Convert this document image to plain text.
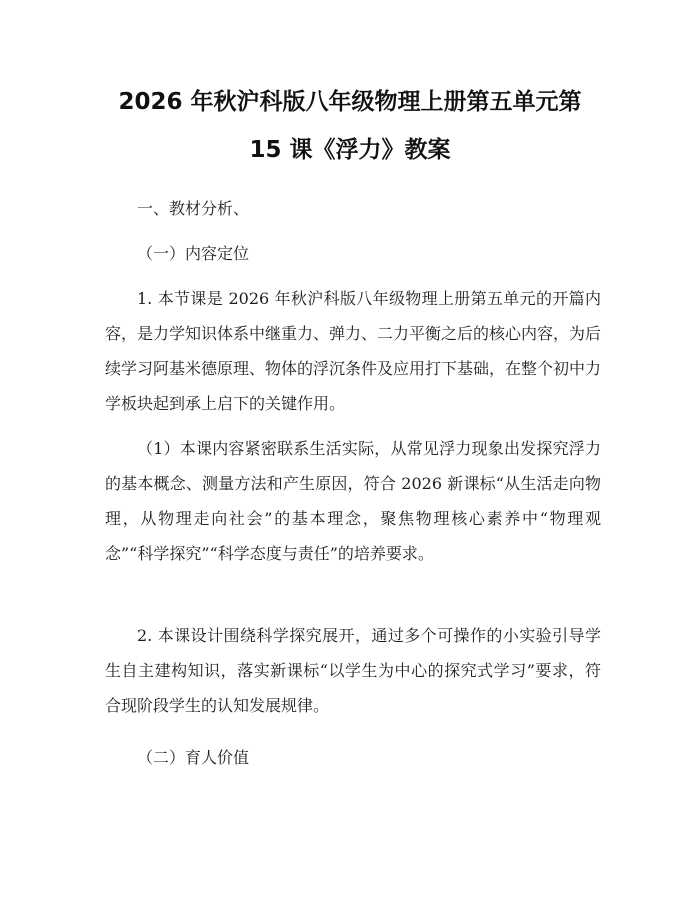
2026 年秋沪科版八年级物理上册第五单元第
15 课《浮力》教案

一、教材分析、

（一）内容定位

1. 本节课是 2026 年秋沪科版八年级物理上册第五单元的开篇内容，是力学知识体系中继重力、弹力、二力平衡之后的核心内容，为后续学习阿基米德原理、物体的浮沉条件及应用打下基础，在整个初中力学板块起到承上启下的关键作用。

（1）本课内容紧密联系生活实际，从常见浮力现象出发探究浮力的基本概念、测量方法和产生原因，符合 2026 新课标“从生活走向物理，从物理走向社会”的基本理念，聚焦物理核心素养中“物理观念”“科学探究”“科学态度与责任”的培养要求。

2. 本课设计围绕科学探究展开，通过多个可操作的小实验引导学生自主建构知识，落实新课标“以学生为中心的探究式学习”要求，符合现阶段学生的认知发展规律。

（二）育人价值
